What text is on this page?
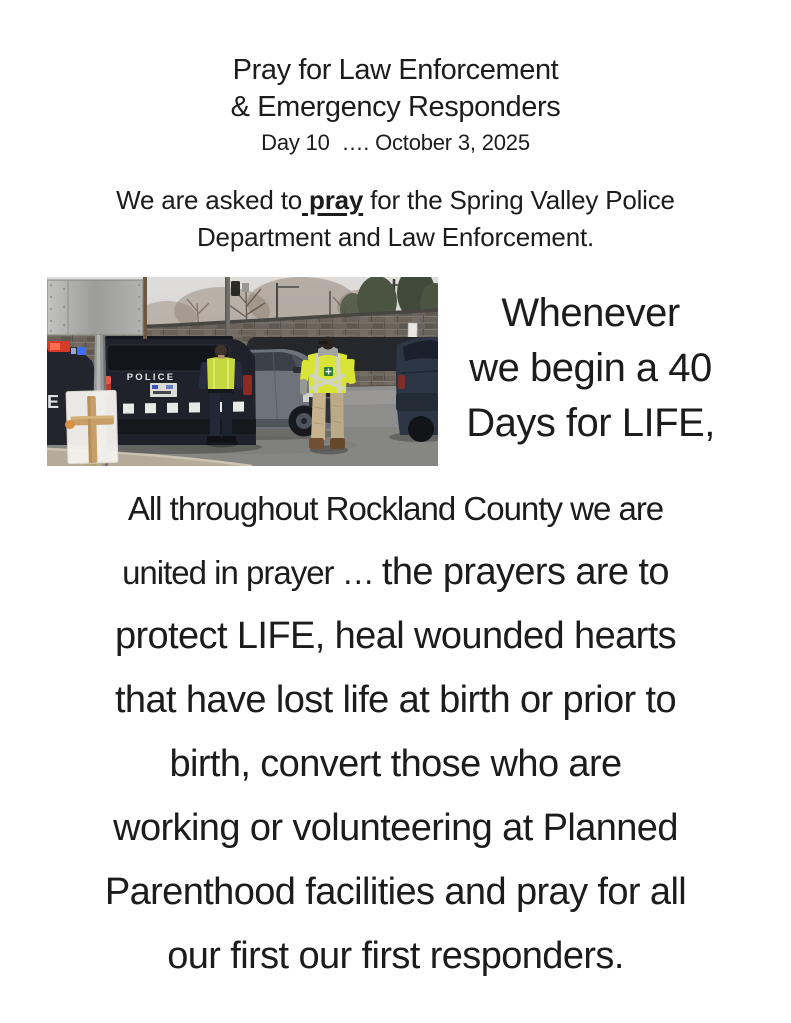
Pray for Law Enforcement
& Emergency Responders
Day 10  …. October 3, 2025

We are asked to pray for the Spring Valley Police Department and Law Enforcement.

POLICE
E
Whenever
we begin a 40
Days for LIFE,
All throughout Rockland County we are
united in prayer … the prayers are to
protect LIFE, heal wounded hearts
that have lost life at birth or prior to
birth, convert those who are
working or volunteering at Planned
Parenthood facilities and pray for all
our first our first responders.
